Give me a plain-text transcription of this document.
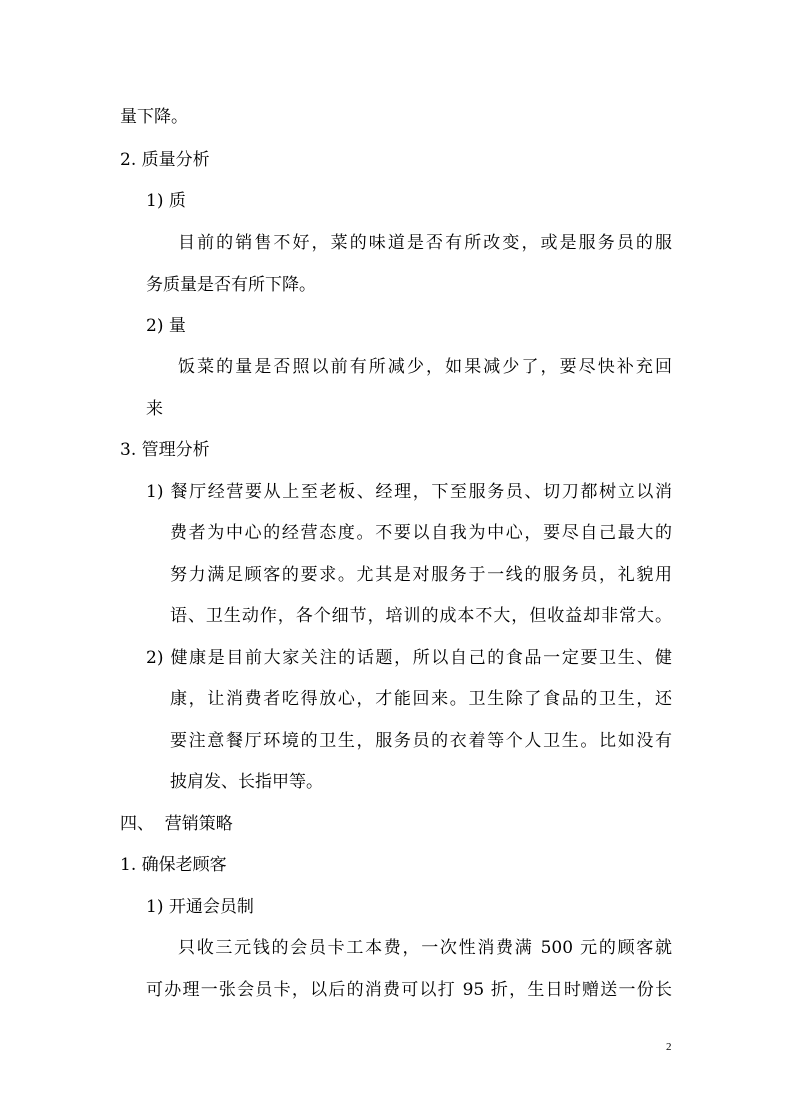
量下降。
2. 质量分析
1) 质
目前的销售不好，菜的味道是否有所改变，或是服务员的服
务质量是否有所下降。
2) 量
饭菜的量是否照以前有所减少，如果减少了，要尽快补充回
来
3. 管理分析
1) 餐厅经营要从上至老板、经理，下至服务员、切刀都树立以消
费者为中心的经营态度。不要以自我为中心，要尽自己最大的
努力满足顾客的要求。尤其是对服务于一线的服务员，礼貌用
语、卫生动作，各个细节，培训的成本不大，但收益却非常大。
2) 健康是目前大家关注的话题，所以自己的食品一定要卫生、健
康，让消费者吃得放心，才能回来。卫生除了食品的卫生，还
要注意餐厅环境的卫生，服务员的衣着等个人卫生。比如没有
披肩发、长指甲等。
四、  营销策略
1. 确保老顾客
1) 开通会员制
只收三元钱的会员卡工本费，一次性消费满 500 元的顾客就
可办理一张会员卡，以后的消费可以打 95 折，生日时赠送一份长
2
